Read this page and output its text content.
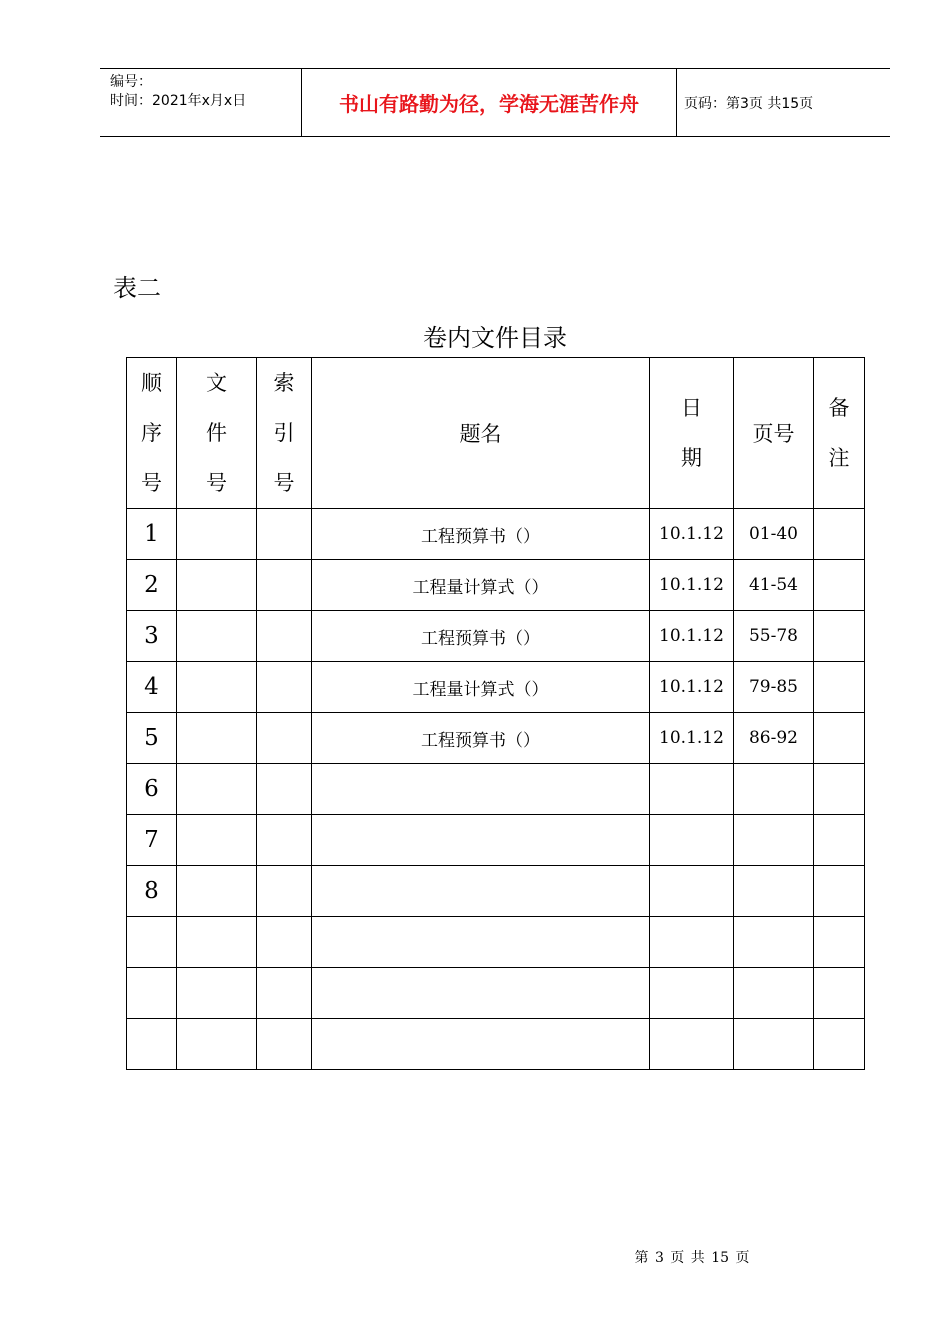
编号：
时间：2021年x月x日	书山有路勤为径，学海无涯苦作舟	页码：第3页 共15页
表二
卷内文件目录
顺序号	文件号	索引号	题名	日期	页号	备注
1			工程预算书（）	10.1.12	01-40	
2			工程量计算式（）	10.1.12	41-54	
3			工程预算书（）	10.1.12	55-78	
4			工程量计算式（）	10.1.12	79-85	
5			工程预算书（）	10.1.12	86-92	
6						
7						
8						

第 3 页 共 15 页
